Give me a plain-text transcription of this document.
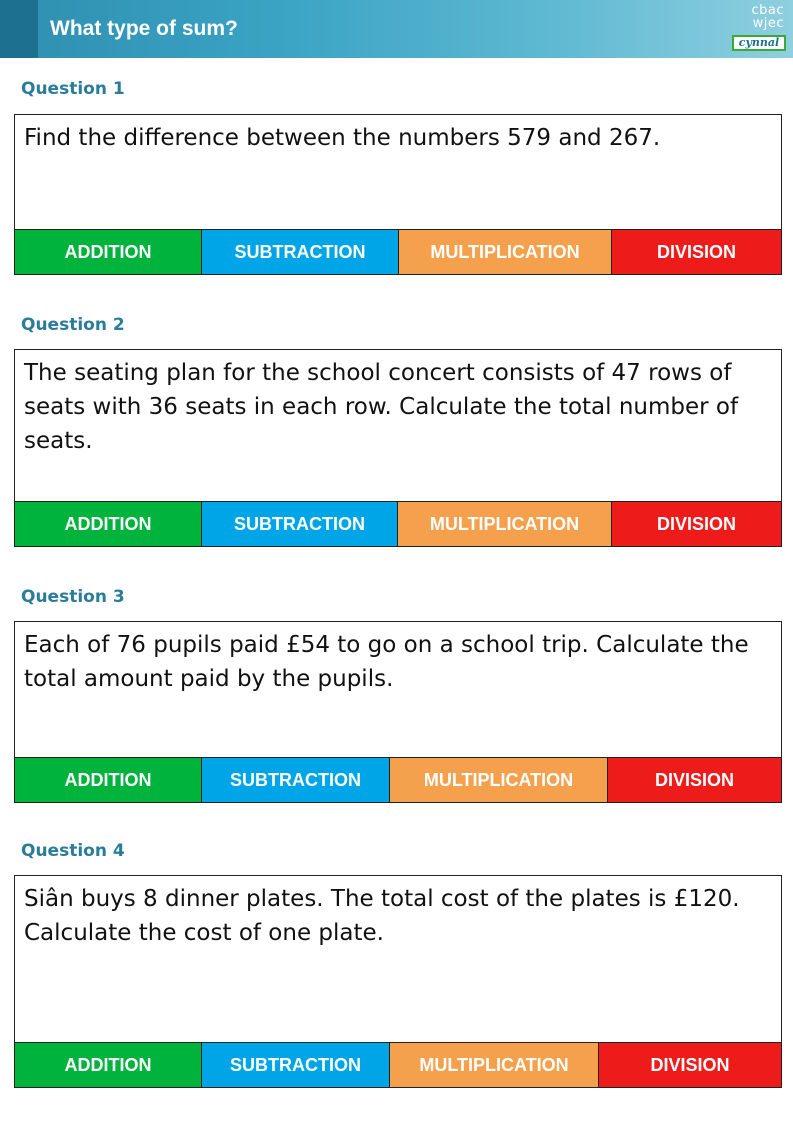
What type of sum?
cbac
wjec
cynnal
Question 1
Find the difference between the numbers 579 and 267.
ADDITION	SUBTRACTION	MULTIPLICATION	DIVISION
Question 2
The seating plan for the school concert consists of 47 rows of seats with 36 seats in each row. Calculate the total number of seats.
ADDITION	SUBTRACTION	MULTIPLICATION	DIVISION
Question 3
Each of 76 pupils paid £54 to go on a school trip. Calculate the total amount paid by the pupils.
ADDITION	SUBTRACTION	MULTIPLICATION	DIVISION
Question 4
Siân buys 8 dinner plates. The total cost of the plates is £120. Calculate the cost of one plate.
ADDITION	SUBTRACTION	MULTIPLICATION	DIVISION
